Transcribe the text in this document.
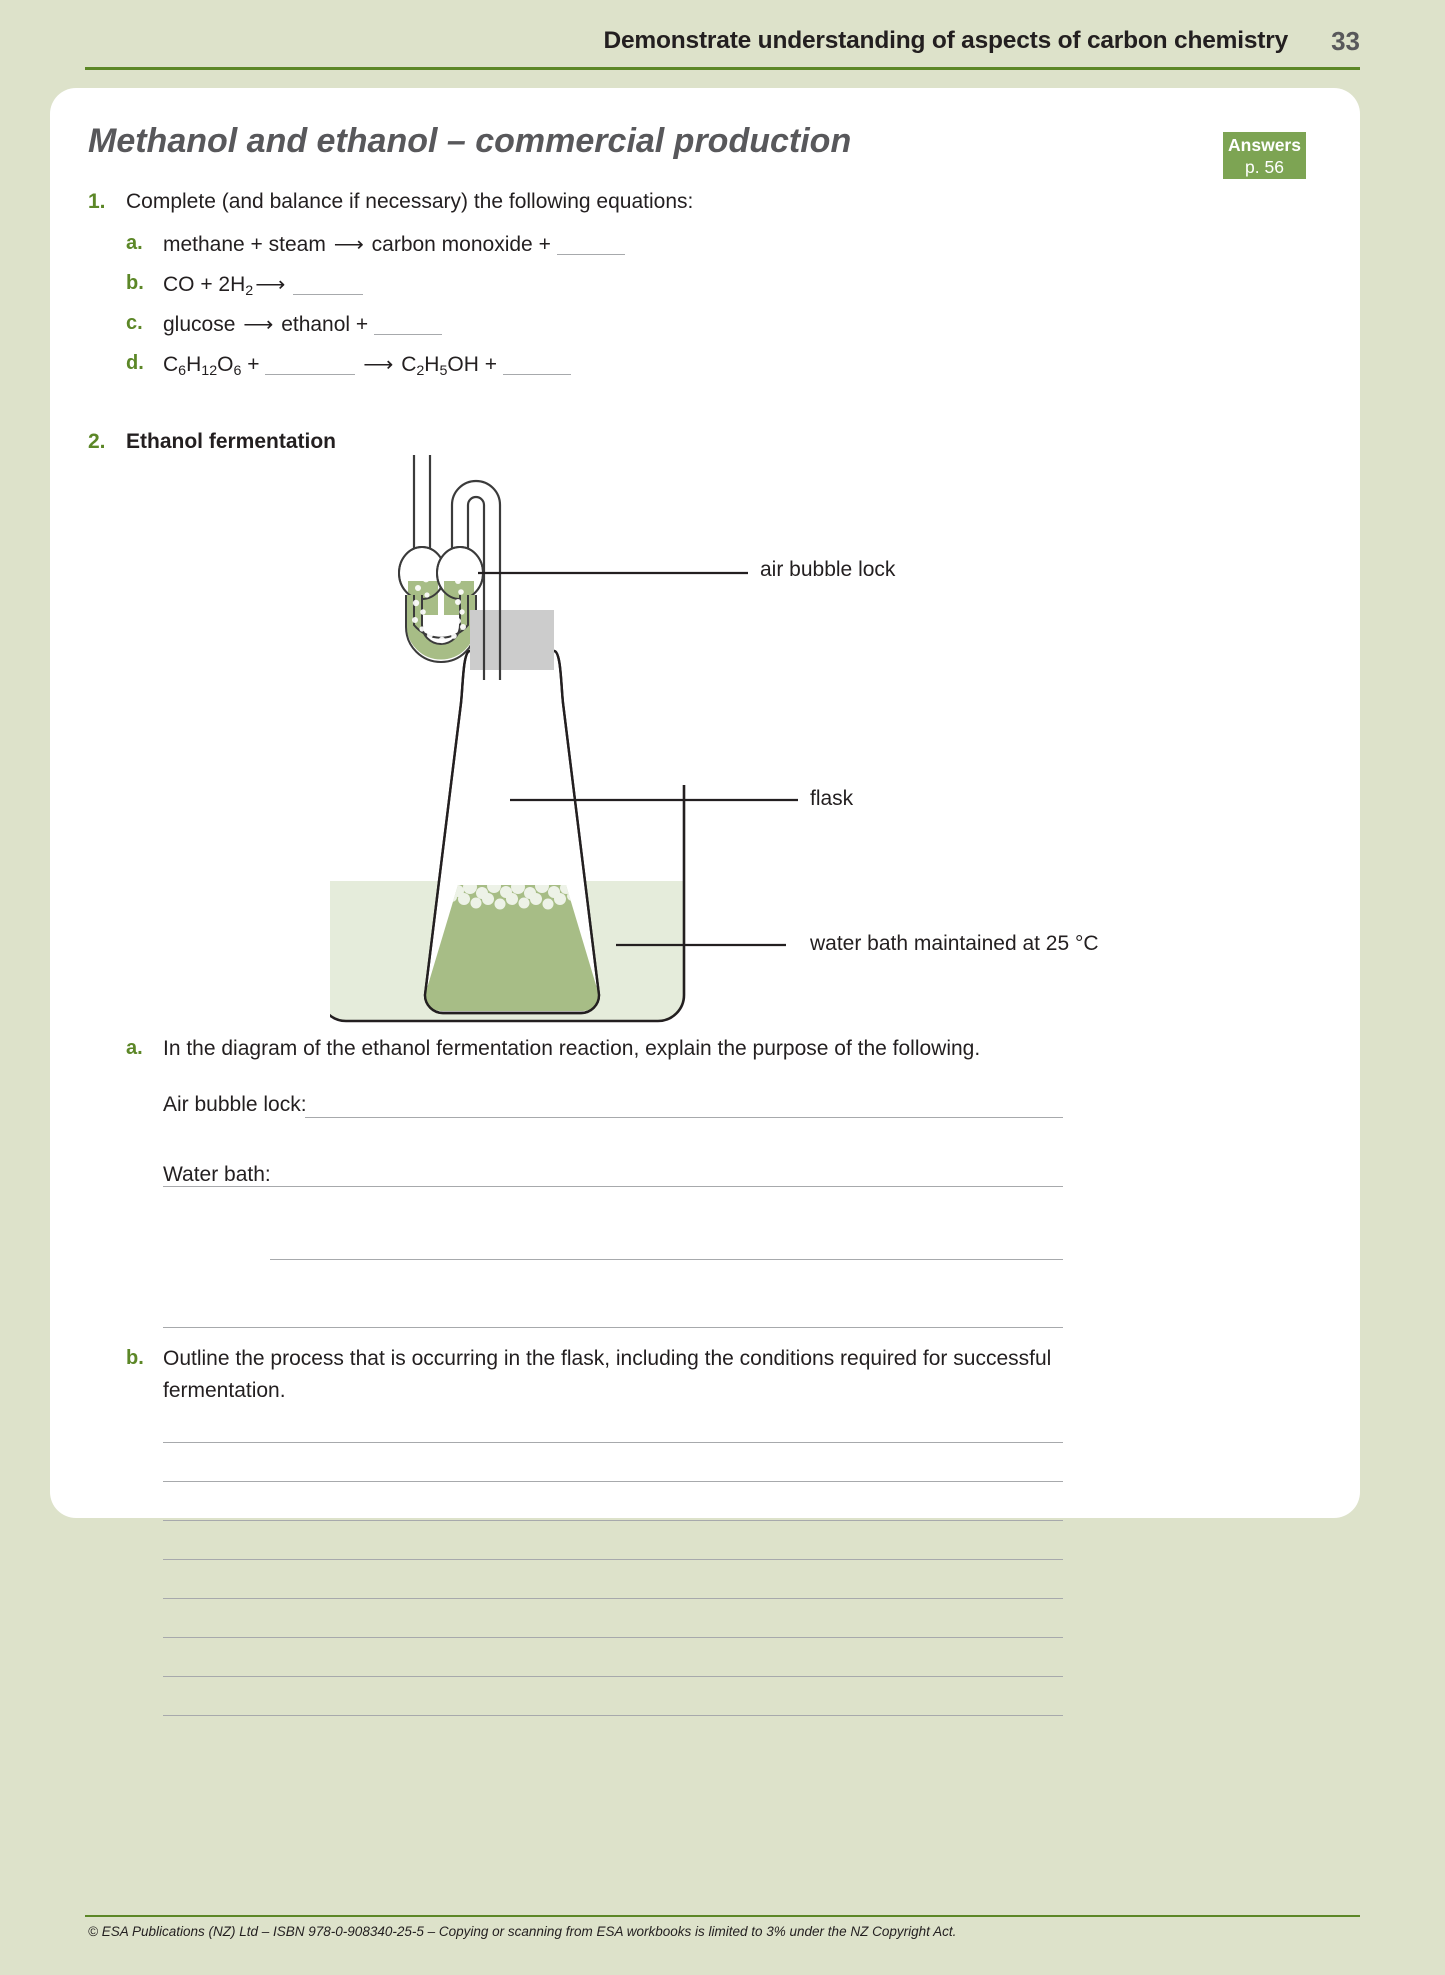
Demonstrate understanding of aspects of carbon chemistry 33
Methanol and ethanol – commercial production	Answers
p. 56
1. Complete (and balance if necessary) the following equations:
a. methane + steam ⟶ carbon monoxide +
b. CO + $2H_2⟶$
c. glucose ⟶ ethanol +
d. $C_6H_{12}O_6$ +	⟶ $C_2H_5OH$ +
2. Ethanol fermentation
air bubble lock
flask
water bath maintained at 25 °C
a. In the diagram of the ethanol fermentation reaction, explain the purpose of the following.
Air bubble lock:
Water bath:
b. Outline the process that is occurring in the flask, including the conditions required for successful
fermentation.
© ESA Publications (NZ) Ltd – ISBN 978-0-908340-25-5 – Copying or scanning from ESA workbooks is limited to 3% under the NZ Copyright Act.
